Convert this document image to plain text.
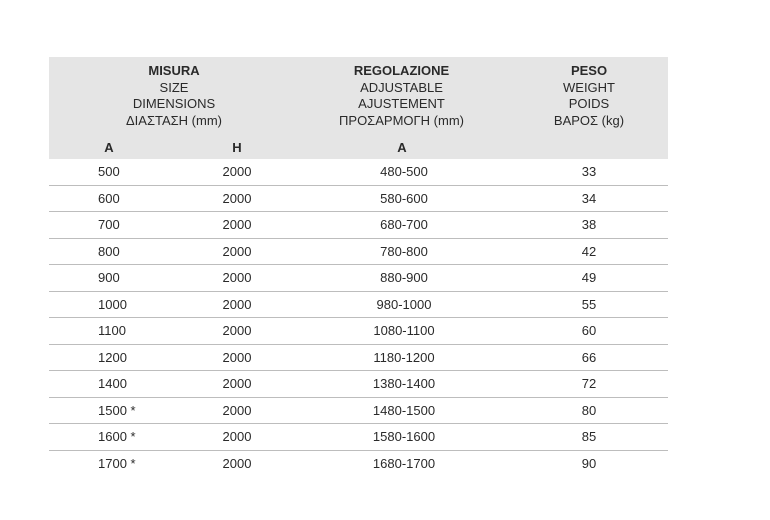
MISURA
SIZE
DIMENSIONS
ΔΙΑΣΤΑΣΗ (mm)
REGOLAZIONE
ADJUSTABLE
AJUSTEMENT
ΠΡΟΣΑΡΜΟΓΗ (mm)
PESO
WEIGHT
POIDS
ΒΑΡΟΣ (kg)
A	H	A
500	2000	480-500	33
600	2000	580-600	34
700	2000	680-700	38
800	2000	780-800	42
900	2000	880-900	49
1000	2000	980-1000	55
1100	2000	1080-1100	60
1200	2000	1180-1200	66
1400	2000	1380-1400	72
1500 *	2000	1480-1500	80
1600 *	2000	1580-1600	85
1700 *	2000	1680-1700	90
